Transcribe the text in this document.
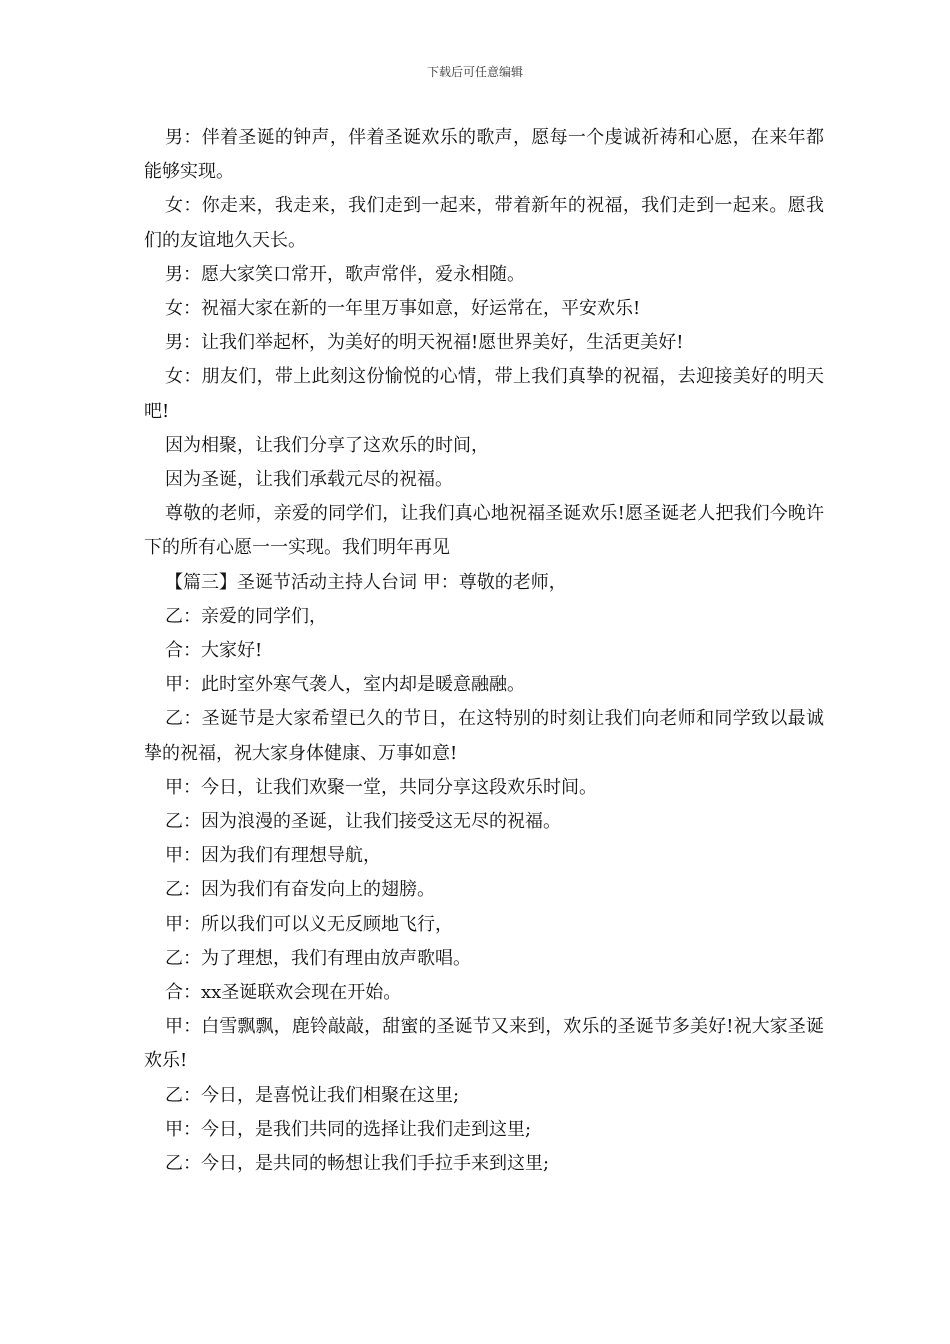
下载后可任意编辑

男：伴着圣诞的钟声，伴着圣诞欢乐的歌声，愿每一个虔诚祈祷和心愿，在来年都能够实现。

女：你走来，我走来，我们走到一起来，带着新年的祝福，我们走到一起来。愿我们的友谊地久天长。

男：愿大家笑口常开，歌声常伴，爱永相随。

女：祝福大家在新的一年里万事如意，好运常在，平安欢乐!

男：让我们举起杯，为美好的明天祝福!愿世界美好，生活更美好!

女：朋友们，带上此刻这份愉悦的心情，带上我们真挚的祝福，去迎接美好的明天吧!

因为相聚，让我们分享了这欢乐的时间，

因为圣诞，让我们承载元尽的祝福。

尊敬的老师，亲爱的同学们，让我们真心地祝福圣诞欢乐!愿圣诞老人把我们今晚许下的所有心愿一一实现。我们明年再见

【篇三】圣诞节活动主持人台词 甲：尊敬的老师，

乙：亲爱的同学们，

合：大家好!

甲：此时室外寒气袭人，室内却是暖意融融。

乙：圣诞节是大家希望已久的节日，在这特别的时刻让我们向老师和同学致以最诚挚的祝福，祝大家身体健康、万事如意!

甲：今日，让我们欢聚一堂，共同分享这段欢乐时间。

乙：因为浪漫的圣诞，让我们接受这无尽的祝福。

甲：因为我们有理想导航，

乙：因为我们有奋发向上的翅膀。

甲：所以我们可以义无反顾地飞行，

乙：为了理想，我们有理由放声歌唱。

合：xx圣诞联欢会现在开始。

甲：白雪飘飘，鹿铃敲敲，甜蜜的圣诞节又来到，欢乐的圣诞节多美好!祝大家圣诞欢乐!

乙：今日，是喜悦让我们相聚在这里;

甲：今日，是我们共同的选择让我们走到这里;

乙：今日，是共同的畅想让我们手拉手来到这里;
